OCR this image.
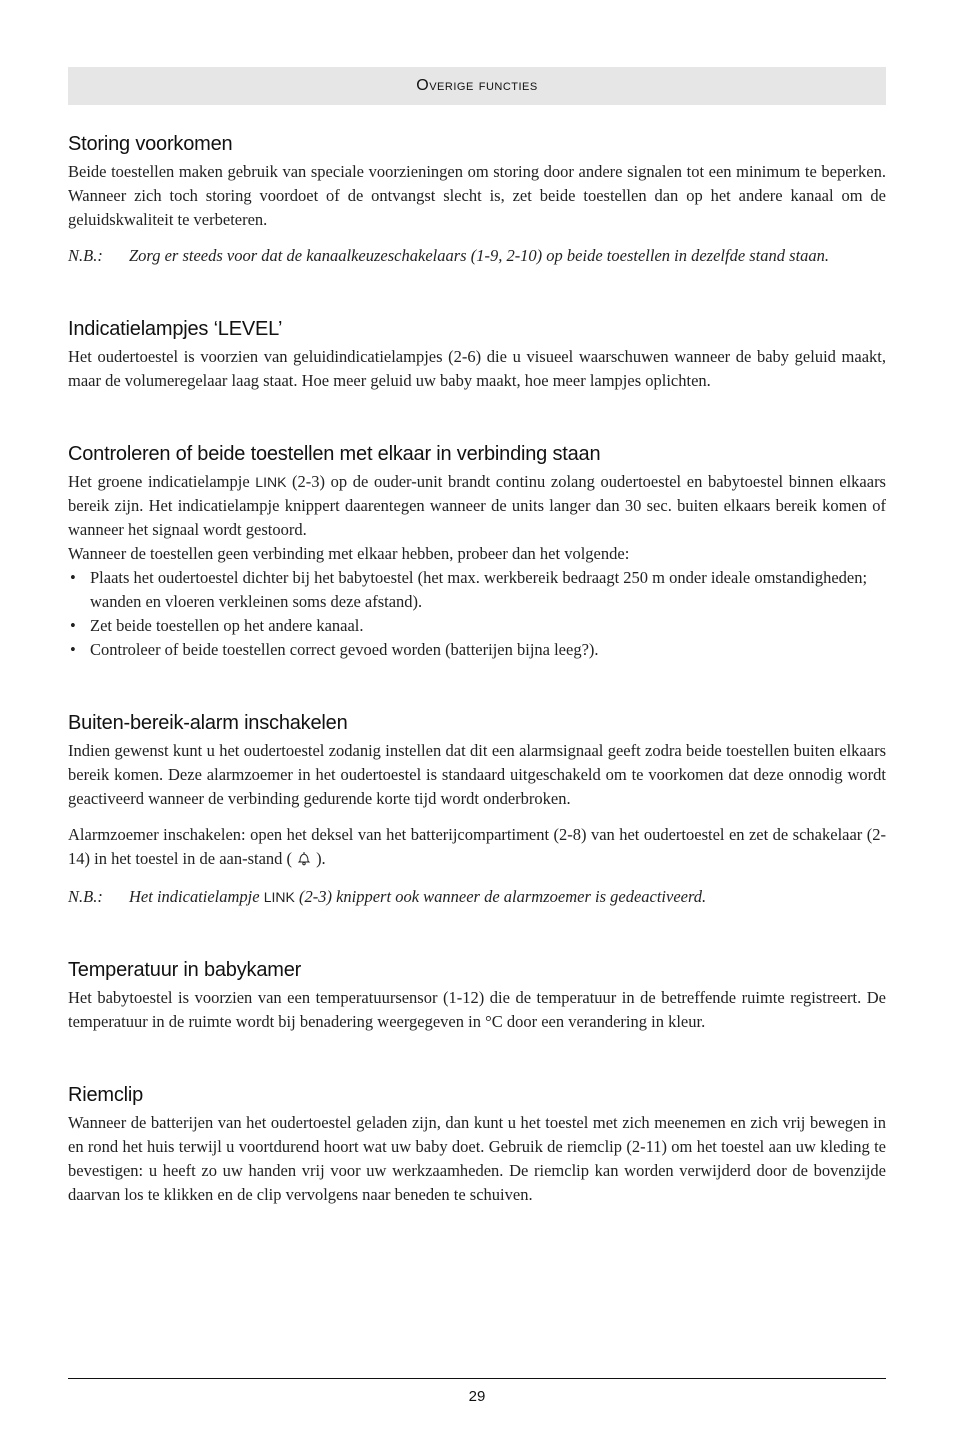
Overige functies
Storing voorkomen

Beide toestellen maken gebruik van speciale voorzieningen om storing door andere signalen tot een minimum te beperken. Wanneer zich toch storing voordoet of de ontvangst slecht is, zet beide toestellen dan op het andere kanaal om de geluidskwaliteit te verbeteren.

N.B.:	Zorg er steeds voor dat de kanaalkeuzeschakelaars (1-9, 2-10) op beide toestellen in dezelfde stand staan.
Indicatielampjes ‘LEVEL’

Het oudertoestel is voorzien van geluidindicatielampjes (2-6) die u visueel waarschuwen wanneer de baby geluid maakt, maar de volumeregelaar laag staat. Hoe meer geluid uw baby maakt, hoe meer lampjes oplichten.

Controleren of beide toestellen met elkaar in verbinding staan

Het groene indicatielampje LINK (2-3) op de ouder-unit brandt continu zolang oudertoestel en babytoestel binnen elkaars bereik zijn. Het indicatielampje knippert daarentegen wanneer de units langer dan 30 sec. buiten elkaars bereik komen of wanneer het signaal wordt gestoord.

Wanneer de toestellen geen verbinding met elkaar hebben, probeer dan het volgende:

• Plaats het oudertoestel dichter bij het babytoestel (het max. werkbereik bedraagt 250 m onder ideale omstandigheden; wanden en vloeren verkleinen soms deze afstand).
• Zet beide toestellen op het andere kanaal.
• Controleer of beide toestellen correct gevoed worden (batterijen bijna leeg?).
Buiten-bereik-alarm inschakelen

Indien gewenst kunt u het oudertoestel zodanig instellen dat dit een alarmsignaal geeft zodra beide toestellen buiten elkaars bereik komen. Deze alarmzoemer in het oudertoestel is standaard uitgeschakeld om te voorkomen dat deze onnodig wordt geactiveerd wanneer de verbinding gedurende korte tijd wordt onderbroken.

Alarmzoemer inschakelen: open het deksel van het batterijcompartiment (2-8) van het oudertoestel en zet de schakelaar (2-14) in het toestel in de aan-stand ( ).

N.B.:	Het indicatielampje LINK (2-3) knippert ook wanneer de alarmzoemer is gedeactiveerd.
Temperatuur in babykamer

Het babytoestel is voorzien van een temperatuursensor (1-12) die de temperatuur in de betreffende ruimte registreert. De temperatuur in de ruimte wordt bij benadering weergegeven in °C door een verandering in kleur.

Riemclip

Wanneer de batterijen van het oudertoestel geladen zijn, dan kunt u het toestel met zich meenemen en zich vrij bewegen in en rond het huis terwijl u voortdurend hoort wat uw baby doet. Gebruik de riemclip (2-11) om het toestel aan uw kleding te bevestigen: u heeft zo uw handen vrij voor uw werkzaamheden. De riemclip kan worden verwijderd door de bovenzijde daarvan los te klikken en de clip vervolgens naar beneden te schuiven.

29
